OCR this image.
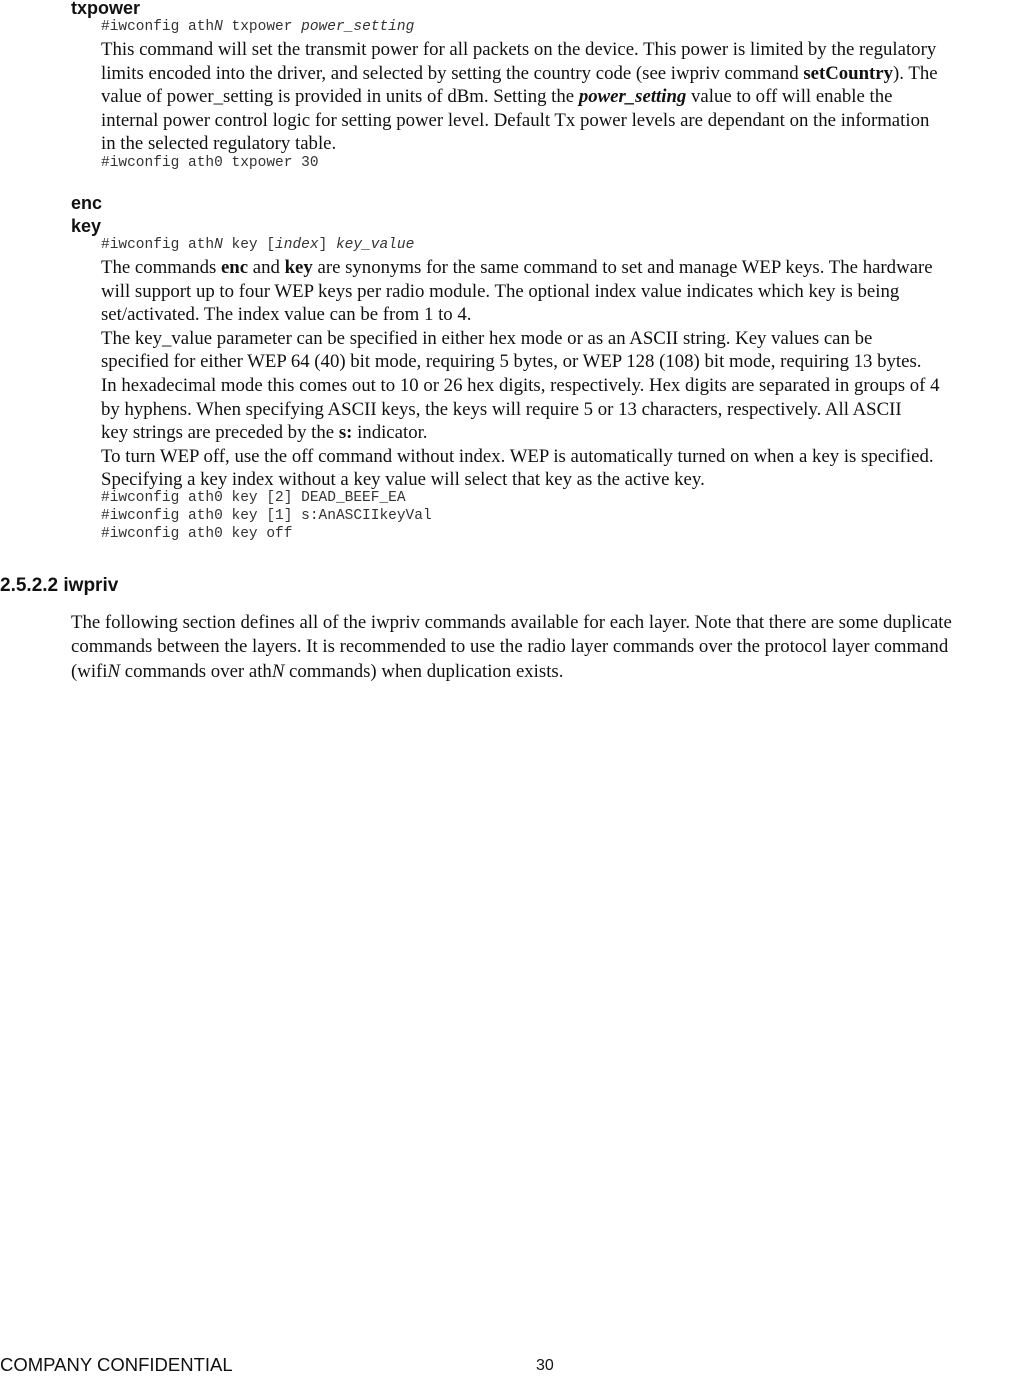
txpower
#iwconfig athN txpower power_setting
This command will set the transmit power for all packets on the device. This power is limited by the regulatory
limits encoded into the driver, and selected by setting the country code (see iwpriv command setCountry). The
value of power_setting is provided in units of dBm. Setting the power_setting value to off will enable the
internal power control logic for setting power level. Default Tx power levels are dependant on the information
in the selected regulatory table.
#iwconfig ath0 txpower 30
enc
key
#iwconfig athN key [index] key_value
The commands enc and key are synonyms for the same command to set and manage WEP keys. The hardware
will support up to four WEP keys per radio module. The optional index value indicates which key is being
set/activated. The index value can be from 1 to 4.
The key_value parameter can be specified in either hex mode or as an ASCII string. Key values can be
specified for either WEP 64 (40) bit mode, requiring 5 bytes, or WEP 128 (108) bit mode, requiring 13 bytes.
In hexadecimal mode this comes out to 10 or 26 hex digits, respectively. Hex digits are separated in groups of 4
by hyphens. When specifying ASCII keys, the keys will require 5 or 13 characters, respectively. All ASCII
key strings are preceded by the s: indicator.
To turn WEP off, use the off command without index. WEP is automatically turned on when a key is specified.
Specifying a key index without a key value will select that key as the active key.
#iwconfig ath0 key [2] DEAD_BEEF_EA
#iwconfig ath0 key [1] s:AnASCIIkeyVal
#iwconfig ath0 key off
2.5.2.2 iwpriv
The following section defines all of the iwpriv commands available for each layer. Note that there are some duplicate
commands between the layers. It is recommended to use the radio layer commands over the protocol layer command
(wifiN commands over athN commands) when duplication exists.
COMPANY CONFIDENTIAL	30
